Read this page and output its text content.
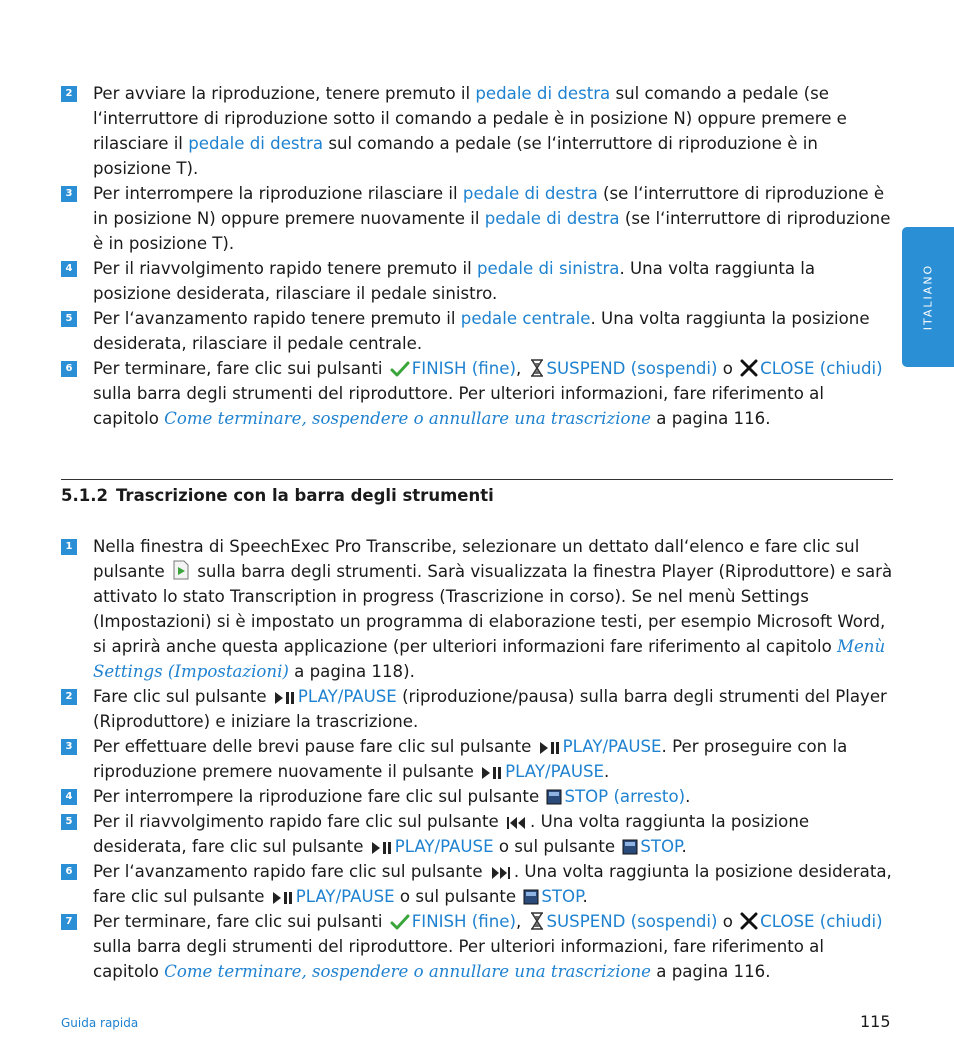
ITALIANO
2 Per avviare la riproduzione, tenere premuto il pedale di destra sul comando a pedale (se l‘interruttore di riproduzione sotto il comando a pedale è in posizione N) oppure premere e rilasciare il pedale di destra sul comando a pedale (se l‘interruttore di riproduzione è in posizione T).
3 Per interrompere la riproduzione rilasciare il pedale di destra (se l‘interruttore di riproduzione è in posizione N) oppure premere nuovamente il pedale di destra (se l‘interruttore di riproduzione è in posizione T).
4 Per il riavvolgimento rapido tenere premuto il pedale di sinistra. Una volta raggiunta la posizione desiderata, rilasciare il pedale sinistro.
5 Per l‘avanzamento rapido tenere premuto il pedale centrale. Una volta raggiunta la posizione desiderata, rilasciare il pedale centrale.
6 Per terminare, fare clic sui pulsanti FINISH (fine), SUSPEND (sospendi) o CLOSE (chiudi) sulla barra degli strumenti del riproduttore. Per ulteriori informazioni, fare riferimento al capitolo Come terminare, sospendere o annullare una trascrizione a pagina 116.
5.1.2 Trascrizione con la barra degli strumenti
1 Nella finestra di SpeechExec Pro Transcribe, selezionare un dettato dall‘elenco e fare clic sul pulsante  sulla barra degli strumenti. Sarà visualizzata la finestra Player (Riproduttore) e sarà attivato lo stato Transcription in progress (Trascrizione in corso). Se nel menù Settings (Impostazioni) si è impostato un programma di elaborazione testi, per esempio Microsoft Word, si aprirà anche questa applicazione (per ulteriori informazioni fare riferimento al capitolo Menù Settings (Impostazioni) a pagina 118).
2 Fare clic sul pulsante PLAY/PAUSE (riproduzione/pausa) sulla barra degli strumenti del Player (Riproduttore) e iniziare la trascrizione.
3 Per effettuare delle brevi pause fare clic sul pulsante PLAY/PAUSE. Per proseguire con la riproduzione premere nuovamente il pulsante PLAY/PAUSE.
4 Per interrompere la riproduzione fare clic sul pulsante STOP (arresto).
5 Per il riavvolgimento rapido fare clic sul pulsante . Una volta raggiunta la posizione desiderata, fare clic sul pulsante PLAY/PAUSE o sul pulsante STOP.
6 Per l‘avanzamento rapido fare clic sul pulsante . Una volta raggiunta la posizione desiderata, fare clic sul pulsante PLAY/PAUSE o sul pulsante STOP.
7 Per terminare, fare clic sui pulsanti FINISH (fine), SUSPEND (sospendi) o CLOSE (chiudi) sulla barra degli strumenti del riproduttore. Per ulteriori informazioni, fare riferimento al capitolo Come terminare, sospendere o annullare una trascrizione a pagina 116.
Guida rapida	115
